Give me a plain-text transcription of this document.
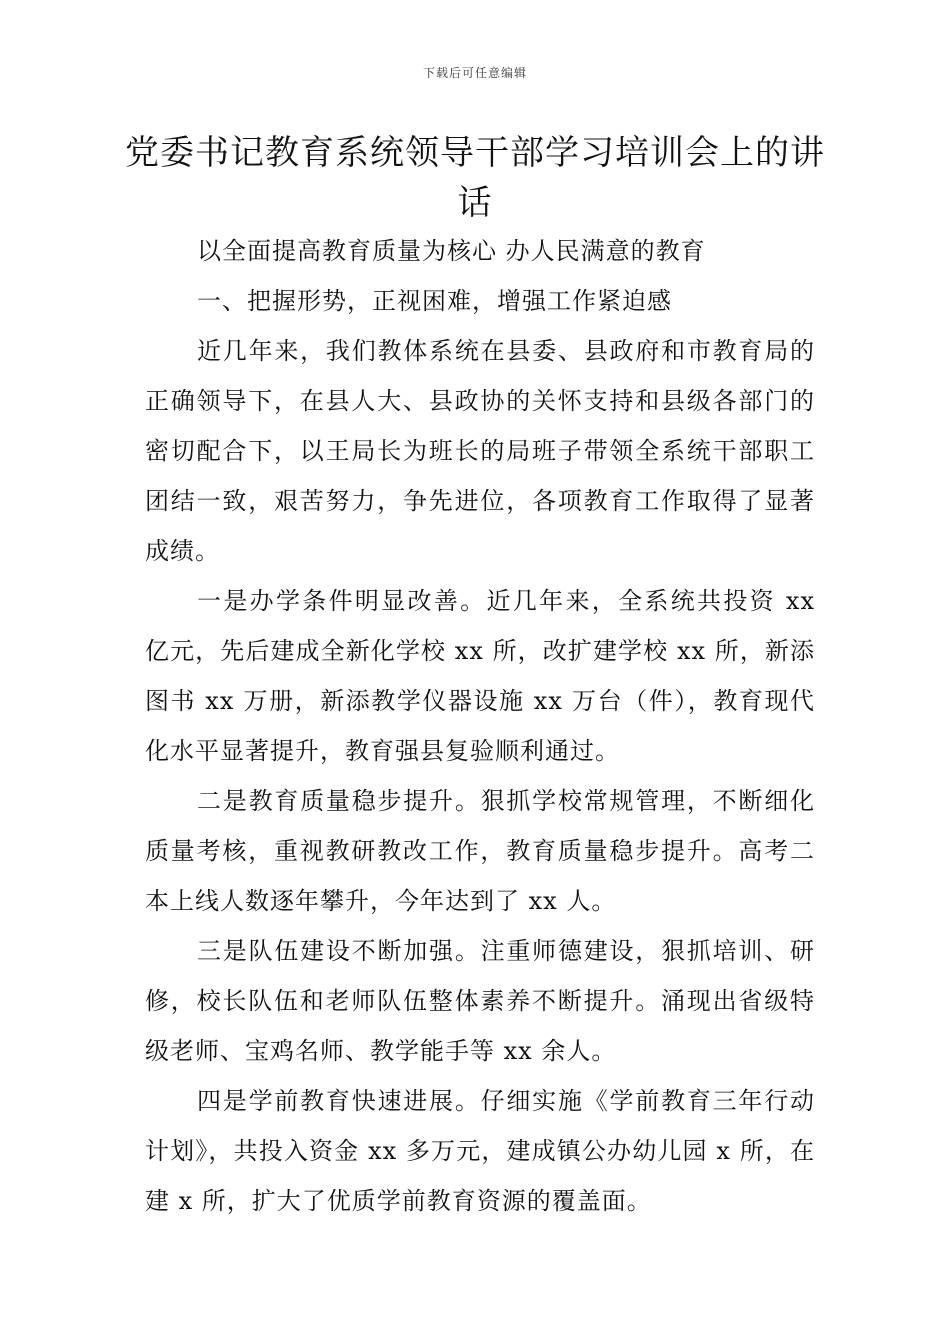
下载后可任意编辑
党委书记教育系统领导干部学习培训会上的讲话

以全面提高教育质量为核心 办人民满意的教育

一、把握形势，正视困难，增强工作紧迫感

近几年来，我们教体系统在县委、县政府和市教育局的正确领导下，在县人大、县政协的关怀支持和县级各部门的密切配合下，以王局长为班长的局班子带领全系统干部职工团结一致，艰苦努力，争先进位，各项教育工作取得了显著成绩。

一是办学条件明显改善。近几年来，全系统共投资 xx 亿元，先后建成全新化学校 xx 所，改扩建学校 xx 所，新添图书 xx 万册，新添教学仪器设施 xx 万台（件），教育现代化水平显著提升，教育强县复验顺利通过。

二是教育质量稳步提升。狠抓学校常规管理，不断细化质量考核，重视教研教改工作，教育质量稳步提升。高考二本上线人数逐年攀升，今年达到了 xx 人。

三是队伍建设不断加强。注重师德建设，狠抓培训、研修，校长队伍和老师队伍整体素养不断提升。涌现出省级特级老师、宝鸡名师、教学能手等 xx 余人。

四是学前教育快速进展。仔细实施《学前教育三年行动计划》，共投入资金 xx 多万元，建成镇公办幼儿园 x 所，在建 x 所，扩大了优质学前教育资源的覆盖面。
